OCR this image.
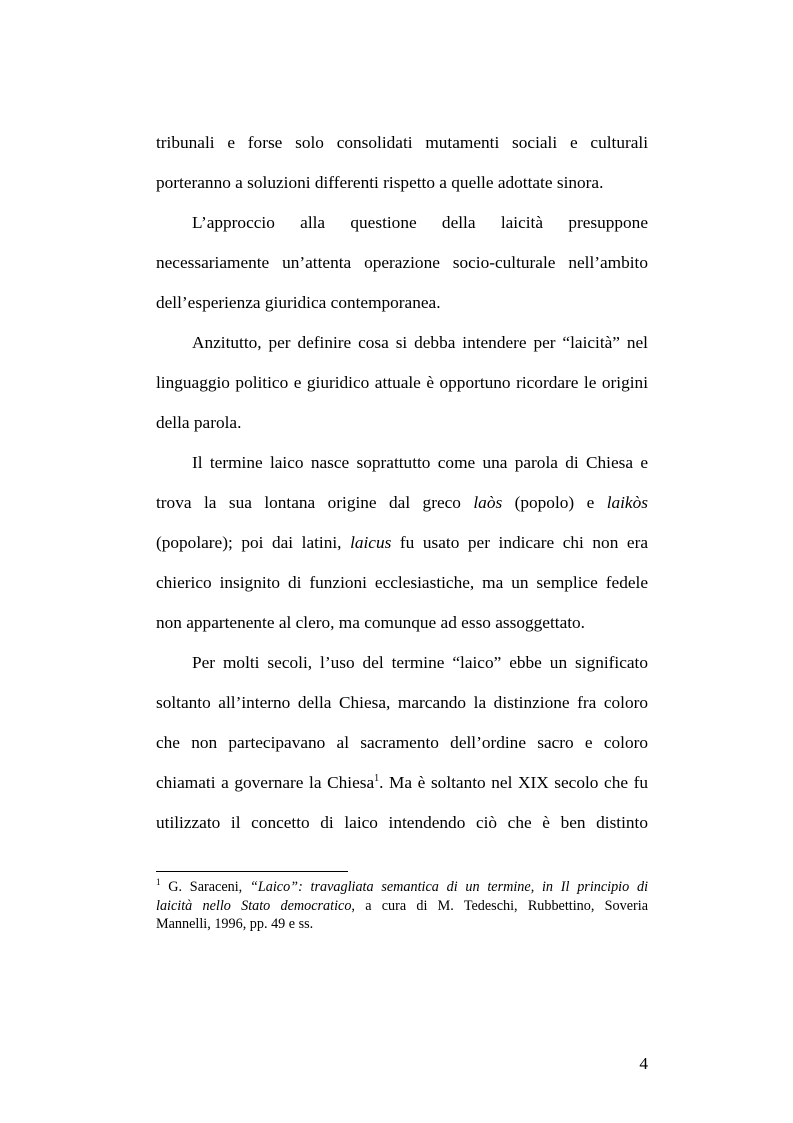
tribunali e forse solo consolidati mutamenti sociali e culturali
porteranno a soluzioni differenti rispetto a quelle adottate sinora.
L’approccio alla questione della laicità presuppone
necessariamente un’attenta operazione socio-culturale nell’ambito
dell’esperienza giuridica contemporanea.
Anzitutto, per definire cosa si debba intendere per “laicità” nel
linguaggio politico e giuridico attuale è opportuno ricordare le origini
della parola.
Il termine laico nasce soprattutto come una parola di Chiesa e
trova la sua lontana origine dal greco laòs (popolo) e laikòs
(popolare); poi dai latini, laicus fu usato per indicare chi non era
chierico insignito di funzioni ecclesiastiche, ma un semplice fedele
non appartenente al clero, ma comunque ad esso assoggettato.
Per molti secoli, l’uso del termine “laico” ebbe un significato
soltanto all’interno della Chiesa, marcando la distinzione fra coloro
che non partecipavano al sacramento dell’ordine sacro e coloro
chiamati a governare la Chiesa$^1$. Ma è soltanto nel XIX secolo che fu
utilizzato il concetto di laico intendendo ciò che è ben distinto
$^1$ G. Saraceni, “Laico”: travagliata semantica di un termine, in Il principio di
laicità nello Stato democratico, a cura di M. Tedeschi, Rubbettino, Soveria
Mannelli, 1996, pp. 49 e ss.
4
